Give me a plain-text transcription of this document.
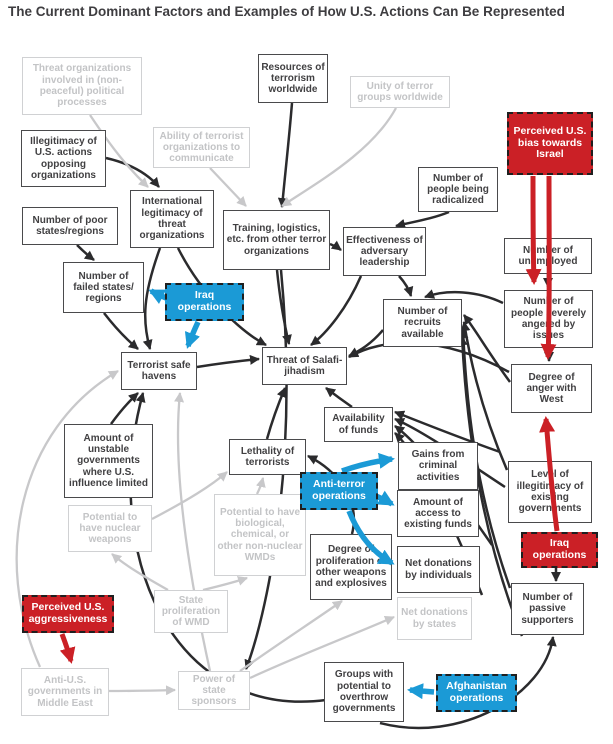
The Current Dominant Factors and Examples of How U.S. Actions Can Be Represented
Threat organizations involved in (non-peaceful) political processes
Resources of terrorism worldwide	Unity of terror groups worldwide
Illegitimacy of U.S. actions opposing organizations
Ability of terrorist organizations to communicate
Perceived U.S. bias towards Israel
Number of poor states/regions
International legitimacy of threat organizations
Number of people being radicalized
Training, logistics, etc. from other terror organizations
Effectiveness of adversary leadership
Number of unemployed
Number of failed states/ regions	Iraq operations	Number of people severely angered by issues
Number of recruits available
Terrorist safe havens
Threat of Salafi-jihadism
Degree of anger with West
Availability of funds
Amount of unstable governments where U.S. influence limited
Lethality of terrorists
Gains from criminal activities
Anti-terror operations
Amount of access to existing funds
Potential to have nuclear weapons
Potential to have biological, chemical, or other non-nuclear WMDs
Level of illegitimacy of existing governments
Degree of proliferation of other weapons and explosives
Net donations by individuals
Iraq operations
State proliferation of WMD
Net donations by states
Number of passive supporters
Perceived U.S. aggressiveness
Anti-U.S. governments in Middle East
Power of state sponsors
Groups with potential to overthrow governments
Afghanistan operations
